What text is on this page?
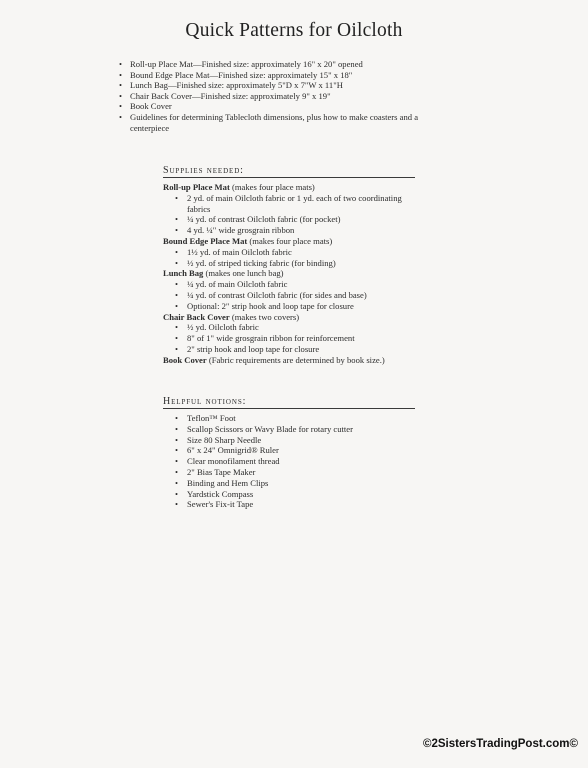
Quick Patterns for Oilcloth
• Roll-up Place Mat—Finished size: approximately 16" x 20" opened
• Bound Edge Place Mat—Finished size: approximately 15" x 18"
• Lunch Bag—Finished size: approximately 5"D x 7"W x 11"H
• Chair Back Cover—Finished size: approximately 9" x 19"
• Book Cover
• Guidelines for determining Tablecloth dimensions, plus how to make coasters and a centerpiece
Supplies needed:
Roll-up Place Mat (makes four place mats)
• 2 yd. of main Oilcloth fabric or 1 yd. each of two coordinating fabrics
• ¼ yd. of contrast Oilcloth fabric (for pocket)
• 4 yd. ¼" wide grosgrain ribbon
Bound Edge Place Mat (makes four place mats)
• 1½ yd. of main Oilcloth fabric
• ½ yd. of striped ticking fabric (for binding)
Lunch Bag (makes one lunch bag)
• ¼ yd. of main Oilcloth fabric
• ¼ yd. of contrast Oilcloth fabric (for sides and base)
• Optional: 2" strip hook and loop tape for closure
Chair Back Cover (makes two covers)
• ½ yd. Oilcloth fabric
• 8" of 1" wide grosgrain ribbon for reinforcement
• 2" strip hook and loop tape for closure
Book Cover (Fabric requirements are determined by book size.)
Helpful notions:
• Teflon™ Foot
• Scallop Scissors or Wavy Blade for rotary cutter
• Size 80 Sharp Needle
• 6" x 24" Omnigrid® Ruler
• Clear monofilament thread
• 2" Bias Tape Maker
• Binding and Hem Clips
• Yardstick Compass
• Sewer's Fix-it Tape
©2SistersTradingPost.com©
